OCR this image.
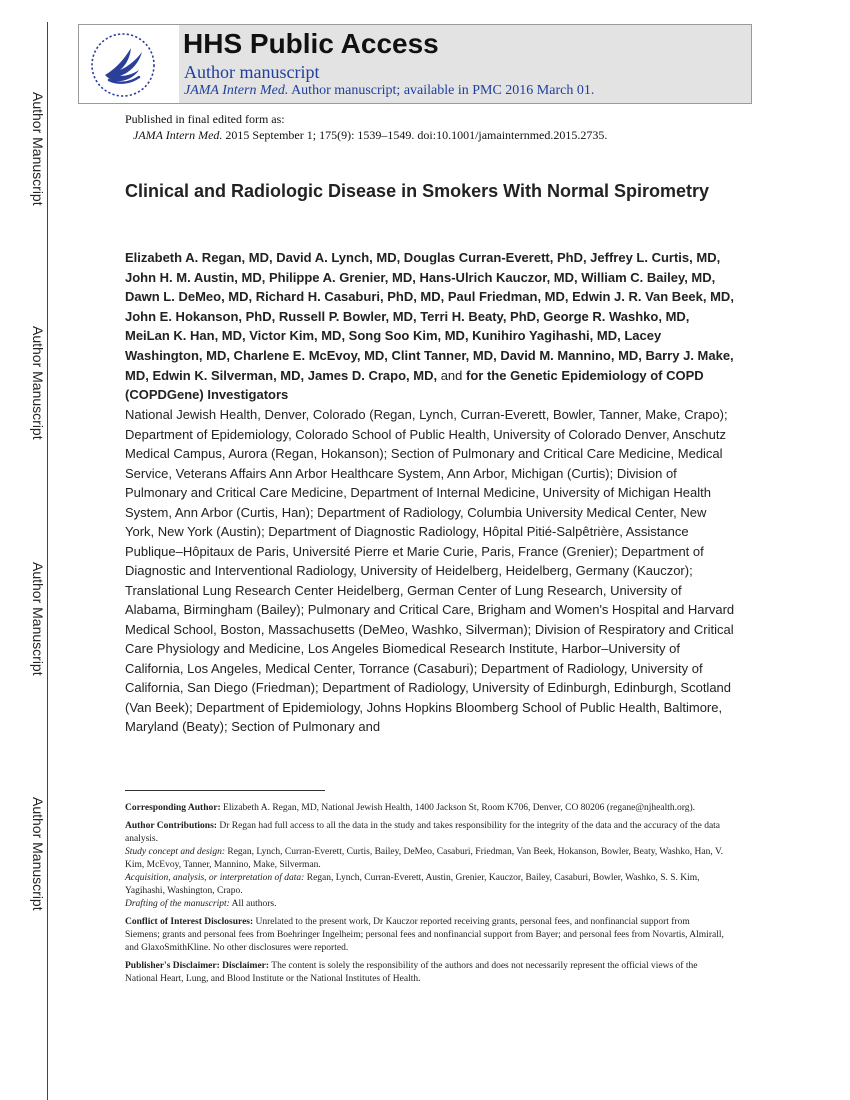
Author Manuscript
Author Manuscript
Author Manuscript
Author Manuscript
HHS Public Access
Author manuscript
JAMA Intern Med. Author manuscript; available in PMC 2016 March 01.
Published in final edited form as:
JAMA Intern Med. 2015 September 1; 175(9): 1539–1549. doi:10.1001/jamainternmed.2015.2735.
Clinical and Radiologic Disease in Smokers With Normal Spirometry
Elizabeth A. Regan, MD, David A. Lynch, MD, Douglas Curran-Everett, PhD, Jeffrey L. Curtis, MD, John H. M. Austin, MD, Philippe A. Grenier, MD, Hans-Ulrich Kauczor, MD, William C. Bailey, MD, Dawn L. DeMeo, MD, Richard H. Casaburi, PhD, MD, Paul Friedman, MD, Edwin J. R. Van Beek, MD, John E. Hokanson, PhD, Russell P. Bowler, MD, Terri H. Beaty, PhD, George R. Washko, MD, MeiLan K. Han, MD, Victor Kim, MD, Song Soo Kim, MD, Kunihiro Yagihashi, MD, Lacey Washington, MD, Charlene E. McEvoy, MD, Clint Tanner, MD, David M. Mannino, MD, Barry J. Make, MD, Edwin K. Silverman, MD, James D. Crapo, MD, and for the Genetic Epidemiology of COPD (COPDGene) Investigators
National Jewish Health, Denver, Colorado (Regan, Lynch, Curran-Everett, Bowler, Tanner, Make, Crapo); Department of Epidemiology, Colorado School of Public Health, University of Colorado Denver, Anschutz Medical Campus, Aurora (Regan, Hokanson); Section of Pulmonary and Critical Care Medicine, Medical Service, Veterans Affairs Ann Arbor Healthcare System, Ann Arbor, Michigan (Curtis); Division of Pulmonary and Critical Care Medicine, Department of Internal Medicine, University of Michigan Health System, Ann Arbor (Curtis, Han); Department of Radiology, Columbia University Medical Center, New York, New York (Austin); Department of Diagnostic Radiology, Hôpital Pitié-Salpêtrière, Assistance Publique–Hôpitaux de Paris, Université Pierre et Marie Curie, Paris, France (Grenier); Department of Diagnostic and Interventional Radiology, University of Heidelberg, Heidelberg, Germany (Kauczor); Translational Lung Research Center Heidelberg, German Center of Lung Research, University of Alabama, Birmingham (Bailey); Pulmonary and Critical Care, Brigham and Women's Hospital and Harvard Medical School, Boston, Massachusetts (DeMeo, Washko, Silverman); Division of Respiratory and Critical Care Physiology and Medicine, Los Angeles Biomedical Research Institute, Harbor–University of California, Los Angeles, Medical Center, Torrance (Casaburi); Department of Radiology, University of California, San Diego (Friedman); Department of Radiology, University of Edinburgh, Edinburgh, Scotland (Van Beek); Department of Epidemiology, Johns Hopkins Bloomberg School of Public Health, Baltimore, Maryland (Beaty); Section of Pulmonary and

Corresponding Author: Elizabeth A. Regan, MD, National Jewish Health, 1400 Jackson St, Room K706, Denver, CO 80206 (regane@njhealth.org).

Author Contributions: Dr Regan had full access to all the data in the study and takes responsibility for the integrity of the data and the accuracy of the data analysis.

Study concept and design: Regan, Lynch, Curran-Everett, Curtis, Bailey, DeMeo, Casaburi, Friedman, Van Beek, Hokanson, Bowler, Beaty, Washko, Han, V. Kim, McEvoy, Tanner, Mannino, Make, Silverman.

Acquisition, analysis, or interpretation of data: Regan, Lynch, Curran-Everett, Austin, Grenier, Kauczor, Bailey, Casaburi, Bowler, Washko, S. S. Kim, Yagihashi, Washington, Crapo.

Drafting of the manuscript: All authors.

Conflict of Interest Disclosures: Unrelated to the present work, Dr Kauczor reported receiving grants, personal fees, and nonfinancial support from Siemens; grants and personal fees from Boehringer Ingelheim; personal fees and nonfinancial support from Bayer; and personal fees from Novartis, Almirall, and GlaxoSmithKline. No other disclosures were reported.

Publisher's Disclaimer: Disclaimer: The content is solely the responsibility of the authors and does not necessarily represent the official views of the National Heart, Lung, and Blood Institute or the National Institutes of Health.
